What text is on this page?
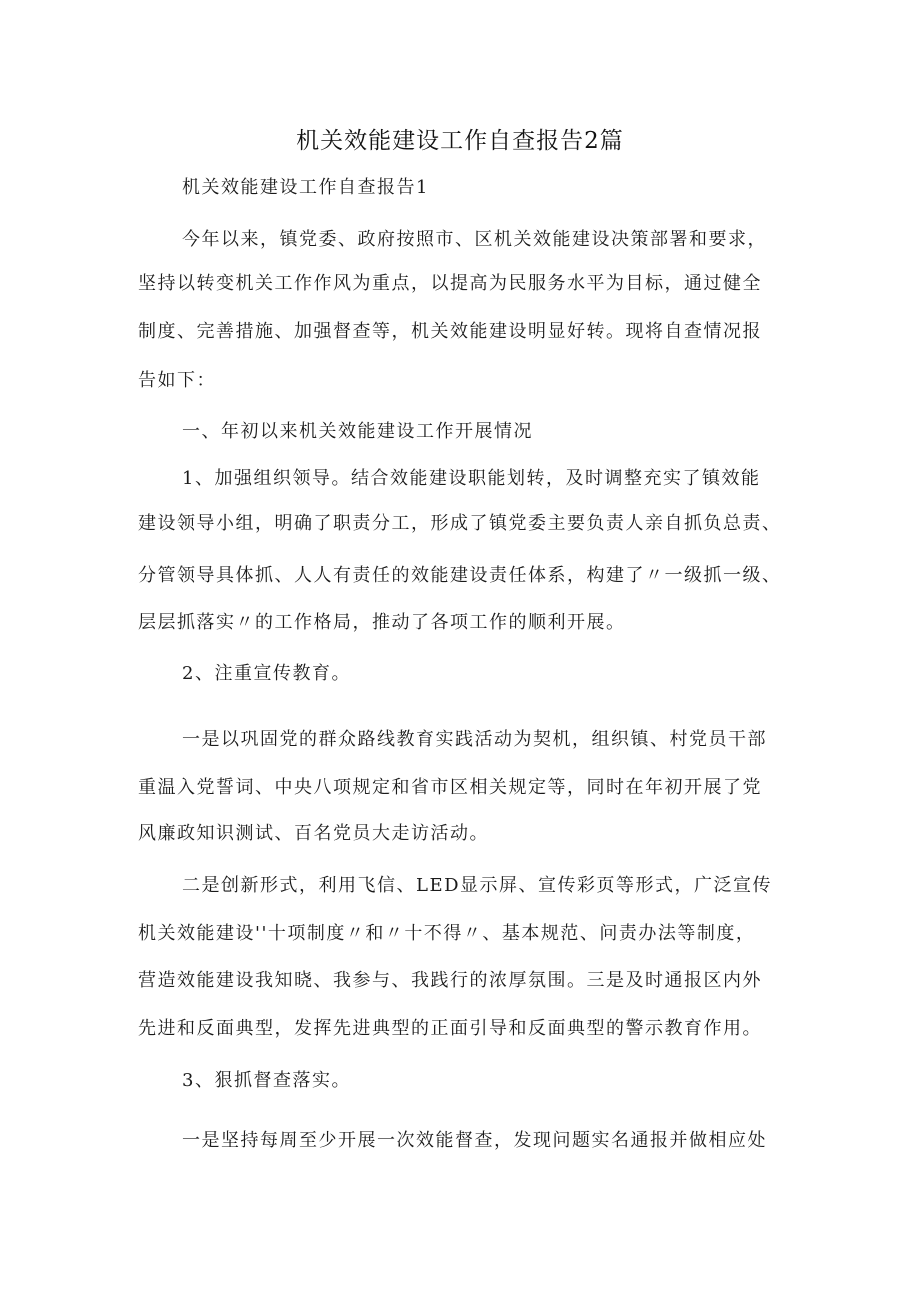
机关效能建设工作自查报告2篇

机关效能建设工作自查报告1

今年以来，镇党委、政府按照市、区机关效能建设决策部署和要求，

坚持以转变机关工作作风为重点，以提高为民服务水平为目标，通过健全

制度、完善措施、加强督查等，机关效能建设明显好转。现将自查情况报

告如下：

一、年初以来机关效能建设工作开展情况

1、加强组织领导。结合效能建设职能划转，及时调整充实了镇效能

建设领导小组，明确了职责分工，形成了镇党委主要负责人亲自抓负总责、

分管领导具体抓、人人有责任的效能建设责任体系，构建了〃一级抓一级、

层层抓落实〃的工作格局，推动了各项工作的顺利开展。

2、注重宣传教育。

一是以巩固党的群众路线教育实践活动为契机，组织镇、村党员干部

重温入党誓词、中央八项规定和省市区相关规定等，同时在年初开展了党

风廉政知识测试、百名党员大走访活动。

二是创新形式，利用飞信、LED显示屏、宣传彩页等形式，广泛宣传

机关效能建设''十项制度〃和〃十不得〃、基本规范、问责办法等制度，

营造效能建设我知晓、我参与、我践行的浓厚氛围。三是及时通报区内外

先进和反面典型，发挥先进典型的正面引导和反面典型的警示教育作用。

3、狠抓督查落实。

一是坚持每周至少开展一次效能督查，发现问题实名通报并做相应处
